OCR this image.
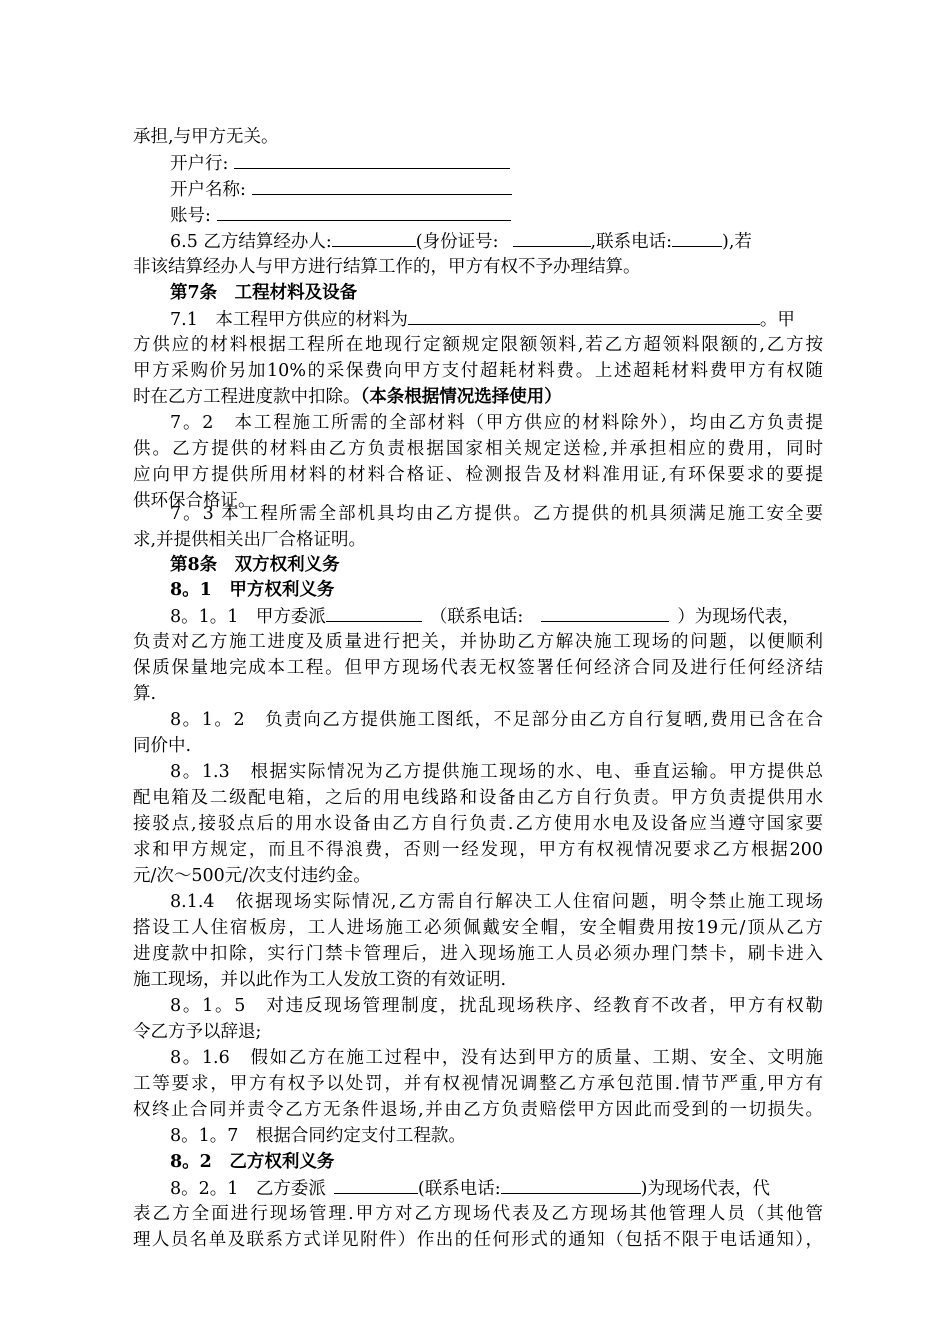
承担,与甲方无关。
开户行:
开户名称:
账号:
6.5 乙方结算经办人:	(身份证号:	,联系电话:	),若
非该结算经办人与甲方进行结算工作的，甲方有权不予办理结算。
第7条　工程材料及设备
7.1　本工程甲方供应的材料为	。甲
方供应的材料根据工程所在地现行定额规定限额领料,若乙方超领料限额的,乙方按
甲方采购价另加10%的采保费向甲方支付超耗材料费。上述超耗材料费甲方有权随
时在乙方工程进度款中扣除。（本条根据情况选择使用）
7。2　本工程施工所需的全部材料（甲方供应的材料除外），均由乙方负责提
供。乙方提供的材料由乙方负责根据国家相关规定送检,并承担相应的费用，同时
应向甲方提供所用材料的材料合格证、检测报告及材料准用证,有环保要求的要提
供环保合格证。
7。3 本工程所需全部机具均由乙方提供。乙方提供的机具须满足施工安全要
求,并提供相关出厂合格证明。
第8条　双方权利义务
8。1　甲方权利义务
8。1。1　甲方委派	（联系电话:	）为现场代表，
负责对乙方施工进度及质量进行把关，并协助乙方解决施工现场的问题，以便顺利
保质保量地完成本工程。但甲方现场代表无权签署任何经济合同及进行任何经济结
算.
8。1。2　负责向乙方提供施工图纸，不足部分由乙方自行复晒,费用已含在合
同价中.
8。1.3　根据实际情况为乙方提供施工现场的水、电、垂直运输。甲方提供总
配电箱及二级配电箱，之后的用电线路和设备由乙方自行负责。甲方负责提供用水
接驳点,接驳点后的用水设备由乙方自行负责.乙方使用水电及设备应当遵守国家要
求和甲方规定，而且不得浪费，否则一经发现，甲方有权视情况要求乙方根据200
元/次～500元/次支付违约金。
8.1.4　依据现场实际情况,乙方需自行解决工人住宿问题，明令禁止施工现场
搭设工人住宿板房，工人进场施工必须佩戴安全帽，安全帽费用按19元/顶从乙方
进度款中扣除，实行门禁卡管理后，进入现场施工人员必须办理门禁卡，刷卡进入
施工现场，并以此作为工人发放工资的有效证明.
8。1。5　对违反现场管理制度，扰乱现场秩序、经教育不改者，甲方有权勒
令乙方予以辞退;
8。1.6　假如乙方在施工过程中，没有达到甲方的质量、工期、安全、文明施
工等要求，甲方有权予以处罚，并有权视情况调整乙方承包范围.情节严重,甲方有
权终止合同并责令乙方无条件退场,并由乙方负责赔偿甲方因此而受到的一切损失。
8。1。7　根据合同约定支付工程款。
8。2　乙方权利义务
8。2。1　乙方委派	(联系电话:	)为现场代表，代
表乙方全面进行现场管理.甲方对乙方现场代表及乙方现场其他管理人员（其他管
理人员名单及联系方式详见附件）作出的任何形式的通知（包括不限于电话通知），
